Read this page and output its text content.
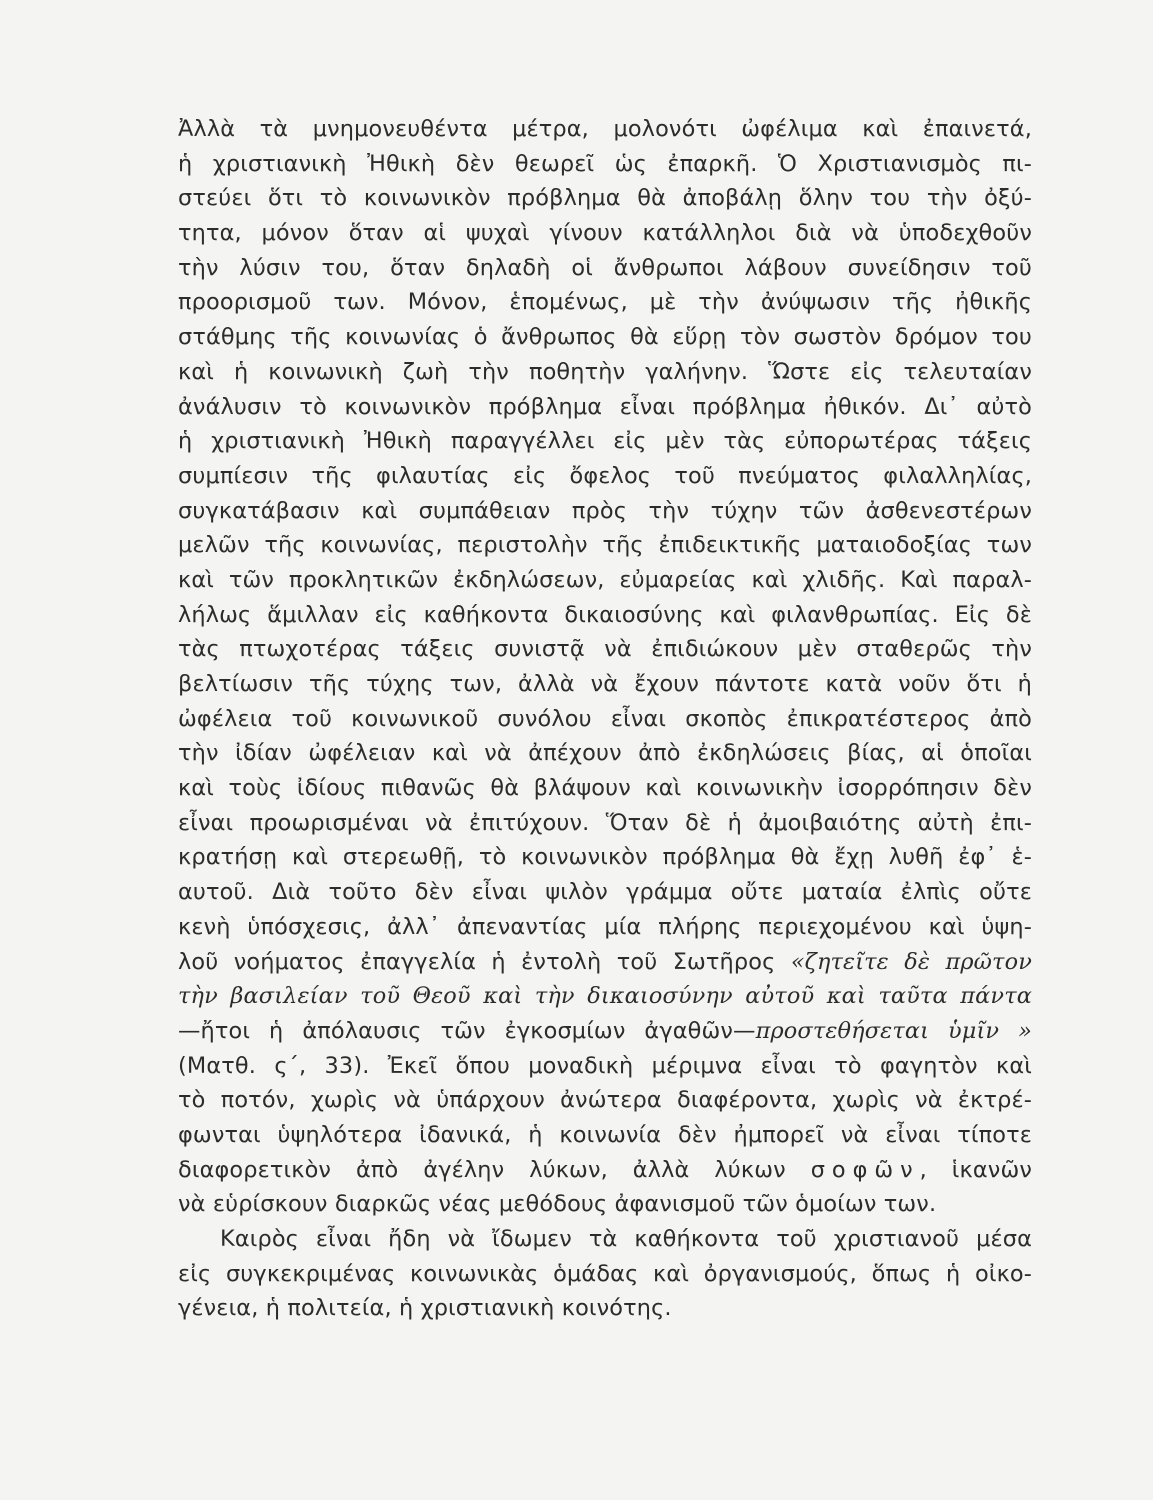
Ἀλλὰ τὰ μνημονευθέντα μέτρα, μολονότι ὠφέλιμα καὶ ἐπαινετά,
ἡ χριστιανικὴ Ἠθικὴ δὲν θεωρεῖ ὡς ἐπαρκῆ. Ὁ Χριστιανισμὸς πι-
στεύει ὅτι τὸ κοινωνικὸν πρόβλημα θὰ ἀποβάλῃ ὅλην του τὴν ὀξύ-
τητα, μόνον ὅταν αἱ ψυχαὶ γίνουν κατάλληλοι διὰ νὰ ὑποδεχθοῦν
τὴν λύσιν του, ὅταν δηλαδὴ οἱ ἄνθρωποι λάβουν συνείδησιν τοῦ
προορισμοῦ των. Μόνον, ἑπομένως, μὲ τὴν ἀνύψωσιν τῆς ἠθικῆς
στάθμης τῆς κοινωνίας ὁ ἄνθρωπος θὰ εὕρῃ τὸν σωστὸν δρόμον του
καὶ ἡ κοινωνικὴ ζωὴ τὴν ποθητὴν γαλήνην. Ὥστε εἰς τελευταίαν
ἀνάλυσιν τὸ κοινωνικὸν πρόβλημα εἶναι πρόβλημα ἠθικόν. Δι᾿ αὐτὸ
ἡ χριστιανικὴ Ἠθικὴ παραγγέλλει εἰς μὲν τὰς εὐπορωτέρας τάξεις
συμπίεσιν τῆς φιλαυτίας εἰς ὄφελος τοῦ πνεύματος φιλαλληλίας,
συγκατάβασιν καὶ συμπάθειαν πρὸς τὴν τύχην τῶν ἀσθενεστέρων
μελῶν τῆς κοινωνίας, περιστολὴν τῆς ἐπιδεικτικῆς ματαιοδοξίας των
καὶ τῶν προκλητικῶν ἐκδηλώσεων, εὐμαρείας καὶ χλιδῆς. Καὶ παραλ-
λήλως ἅμιλλαν εἰς καθήκοντα δικαιοσύνης καὶ φιλανθρωπίας. Εἰς δὲ
τὰς πτωχοτέρας τάξεις συνιστᾷ νὰ ἐπιδιώκουν μὲν σταθερῶς τὴν
βελτίωσιν τῆς τύχης των, ἀλλὰ νὰ ἔχουν πάντοτε κατὰ νοῦν ὅτι ἡ
ὠφέλεια τοῦ κοινωνικοῦ συνόλου εἶναι σκοπὸς ἐπικρατέστερος ἀπὸ
τὴν ἰδίαν ὠφέλειαν καὶ νὰ ἀπέχουν ἀπὸ ἐκδηλώσεις βίας, αἱ ὁποῖαι
καὶ τοὺς ἰδίους πιθανῶς θὰ βλάψουν καὶ κοινωνικὴν ἰσορρόπησιν δὲν
εἶναι προωρισμέναι νὰ ἐπιτύχουν. Ὅταν δὲ ἡ ἀμοιβαιότης αὐτὴ ἐπι-
κρατήσῃ καὶ στερεωθῇ, τὸ κοινωνικὸν πρόβλημα θὰ ἔχῃ λυθῆ ἐφ᾿ ἑ-
αυτοῦ. Διὰ τοῦτο δὲν εἶναι ψιλὸν γράμμα οὔτε ματαία ἐλπὶς οὔτε
κενὴ ὑπόσχεσις, ἀλλ᾿ ἀπεναντίας μία πλήρης περιεχομένου καὶ ὑψη-
λοῦ νοήματος ἐπαγγελία ἡ ἐντολὴ τοῦ Σωτῆρος «ζητεῖτε δὲ πρῶτον
τὴν βασιλείαν τοῦ Θεοῦ καὶ τὴν δικαιοσύνην αὐτοῦ καὶ ταῦτα πάντα
—ἤτοι ἡ ἀπόλαυσις τῶν ἐγκοσμίων ἀγαθῶν—προστεθήσεται ὑμῖν »
(Ματθ. ς΄, 33). Ἐκεῖ ὅπου μοναδικὴ μέριμνα εἶναι τὸ φαγητὸν καὶ
τὸ ποτόν, χωρὶς νὰ ὑπάρχουν ἀνώτερα διαφέροντα, χωρὶς νὰ ἐκτρέ-
φωνται ὑψηλότερα ἰδανικά, ἡ κοινωνία δὲν ἠμπορεῖ νὰ εἶναι τίποτε
διαφορετικὸν ἀπὸ ἀγέλην λύκων, ἀλλὰ λύκων σοφῶν, ἱκανῶν
νὰ εὑρίσκουν διαρκῶς νέας μεθόδους ἀφανισμοῦ τῶν ὁμοίων των.
Καιρὸς εἶναι ἤδη νὰ ἴδωμεν τὰ καθήκοντα τοῦ χριστιανοῦ μέσα
εἰς συγκεκριμένας κοινωνικὰς ὁμάδας καὶ ὀργανισμούς, ὅπως ἡ οἰκο-
γένεια, ἡ πολιτεία, ἡ χριστιανικὴ κοινότης.
